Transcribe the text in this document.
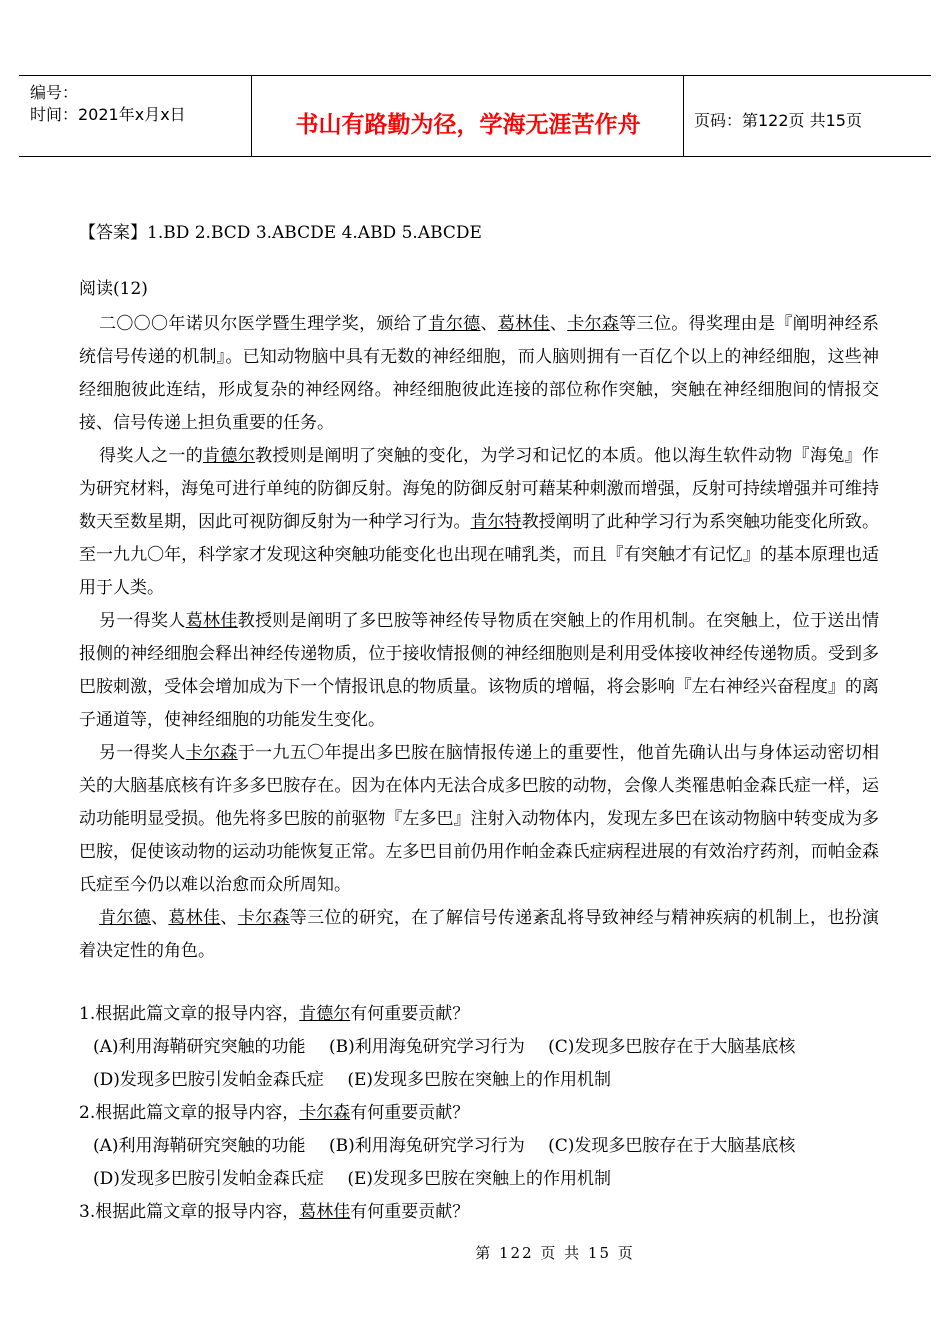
编号：
时间：2021年x月x日	书山有路勤为径，学海无涯苦作舟	页码：第122页 共15页

【答案】1.BD 2.BCD 3.ABCDE 4.ABD 5.ABCDE

阅读(12)

二〇〇〇年诺贝尔医学暨生理学奖，颁给了肯尔德、葛林佳、卡尔森等三位。得奖理由是『阐明神经系统信号传递的机制』。已知动物脑中具有无数的神经细胞，而人脑则拥有一百亿个以上的神经细胞，这些神经细胞彼此连结，形成复杂的神经网络。神经细胞彼此连接的部位称作突触，突触在神经细胞间的情报交接、信号传递上担负重要的任务。

得奖人之一的肯德尔教授则是阐明了突触的变化，为学习和记忆的本质。他以海生软件动物『海兔』作为研究材料，海兔可进行单纯的防御反射。海兔的防御反射可藉某种刺激而增强，反射可持续增强并可维持数天至数星期，因此可视防御反射为一种学习行为。肯尔特教授阐明了此种学习行为系突触功能变化所致。至一九九〇年，科学家才发现这种突触功能变化也出现在哺乳类，而且『有突触才有记忆』的基本原理也适用于人类。

另一得奖人葛林佳教授则是阐明了多巴胺等神经传导物质在突触上的作用机制。在突触上，位于送出情报侧的神经细胞会释出神经传递物质，位于接收情报侧的神经细胞则是利用受体接收神经传递物质。受到多巴胺刺激，受体会增加成为下一个情报讯息的物质量。该物质的增幅，将会影响『左右神经兴奋程度』的离子通道等，使神经细胞的功能发生变化。

另一得奖人卡尔森于一九五〇年提出多巴胺在脑情报传递上的重要性，他首先确认出与身体运动密切相关的大脑基底核有许多多巴胺存在。因为在体内无法合成多巴胺的动物，会像人类罹患帕金森氏症一样，运动功能明显受损。他先将多巴胺的前驱物『左多巴』注射入动物体内，发现左多巴在该动物脑中转变成为多巴胺，促使该动物的运动功能恢复正常。左多巴目前仍用作帕金森氏症病程进展的有效治疗药剂，而帕金森氏症至今仍以难以治愈而众所周知。

肯尔德、葛林佳、卡尔森等三位的研究，在了解信号传递紊乱将导致神经与精神疾病的机制上，也扮演着决定性的角色。

1.根据此篇文章的报导内容，肯德尔有何重要贡献？

(A)利用海鞘研究突触的功能 (B)利用海兔研究学习行为 (C)发现多巴胺存在于大脑基底核

(D)发现多巴胺引发帕金森氏症 (E)发现多巴胺在突触上的作用机制

2.根据此篇文章的报导内容，卡尔森有何重要贡献？

(A)利用海鞘研究突触的功能 (B)利用海兔研究学习行为 (C)发现多巴胺存在于大脑基底核

(D)发现多巴胺引发帕金森氏症 (E)发现多巴胺在突触上的作用机制

3.根据此篇文章的报导内容，葛林佳有何重要贡献？

第 122 页 共 15 页
